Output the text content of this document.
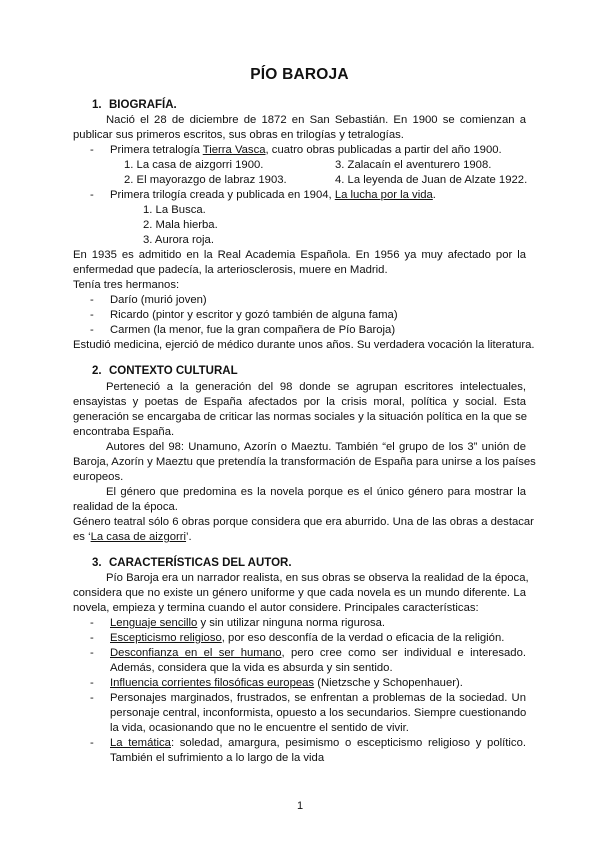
PÍO BAROJA
1. BIOGRAFÍA.
Nació el 28 de diciembre de 1872 en San Sebastián. En 1900 se comienzan a
publicar sus primeros escritos, sus obras en trilogías y tetralogías.
- Primera tetralogía Tierra Vasca, cuatro obras publicadas a partir del año 1900.
1. La casa de aizgorri 1900.	3. Zalacaín el aventurero 1908.
2. El mayorazgo de labraz 1903.	4. La leyenda de Juan de Alzate 1922.
- Primera trilogía creada y publicada en 1904, La lucha por la vida.
1. La Busca.
2. Mala hierba.
3. Aurora roja.
En 1935 es admitido en la Real Academia Española. En 1956 ya muy afectado por la
enfermedad que padecía, la arteriosclerosis, muere en Madrid.
Tenía tres hermanos:
- Darío (murió joven)
- Ricardo (pintor y escritor y gozó también de alguna fama)
- Carmen (la menor, fue la gran compañera de Pío Baroja)
Estudió medicina, ejerció de médico durante unos años. Su verdadera vocación la literatura.
2. CONTEXTO CULTURAL
Perteneció a la generación del 98 donde se agrupan escritores intelectuales,
ensayistas y poetas de España afectados por la crisis moral, política y social. Esta
generación se encargaba de criticar las normas sociales y la situación política en la que se
encontraba España.
Autores del 98: Unamuno, Azorín o Maeztu. También “el grupo de los 3” unión de
Baroja, Azorín y Maeztu que pretendía la transformación de España para unirse a los países
europeos.
El género que predomina es la novela porque es el único género para mostrar la
realidad de la época.
Género teatral sólo 6 obras porque considera que era aburrido. Una de las obras a destacar
es ‘La casa de aizgorri’.
3. CARACTERÍSTICAS DEL AUTOR.
Pío Baroja era un narrador realista, en sus obras se observa la realidad de la época,
considera que no existe un género uniforme y que cada novela es un mundo diferente. La
novela, empieza y termina cuando el autor considere. Principales características:
- Lenguaje sencillo y sin utilizar ninguna norma rigurosa.
- Escepticismo religioso, por eso desconfía de la verdad o eficacia de la religión.
- Desconfianza en el ser humano, pero cree como ser individual e interesado.
Además, considera que la vida es absurda y sin sentido.
- Influencia corrientes filosóficas europeas (Nietzsche y Schopenhauer).
- Personajes marginados, frustrados, se enfrentan a problemas de la sociedad. Un
personaje central, inconformista, opuesto a los secundarios. Siempre cuestionando
la vida, ocasionando que no le encuentre el sentido de vivir.
- La temática: soledad, amargura, pesimismo o escepticismo religioso y político.
También el sufrimiento a lo largo de la vida
1
